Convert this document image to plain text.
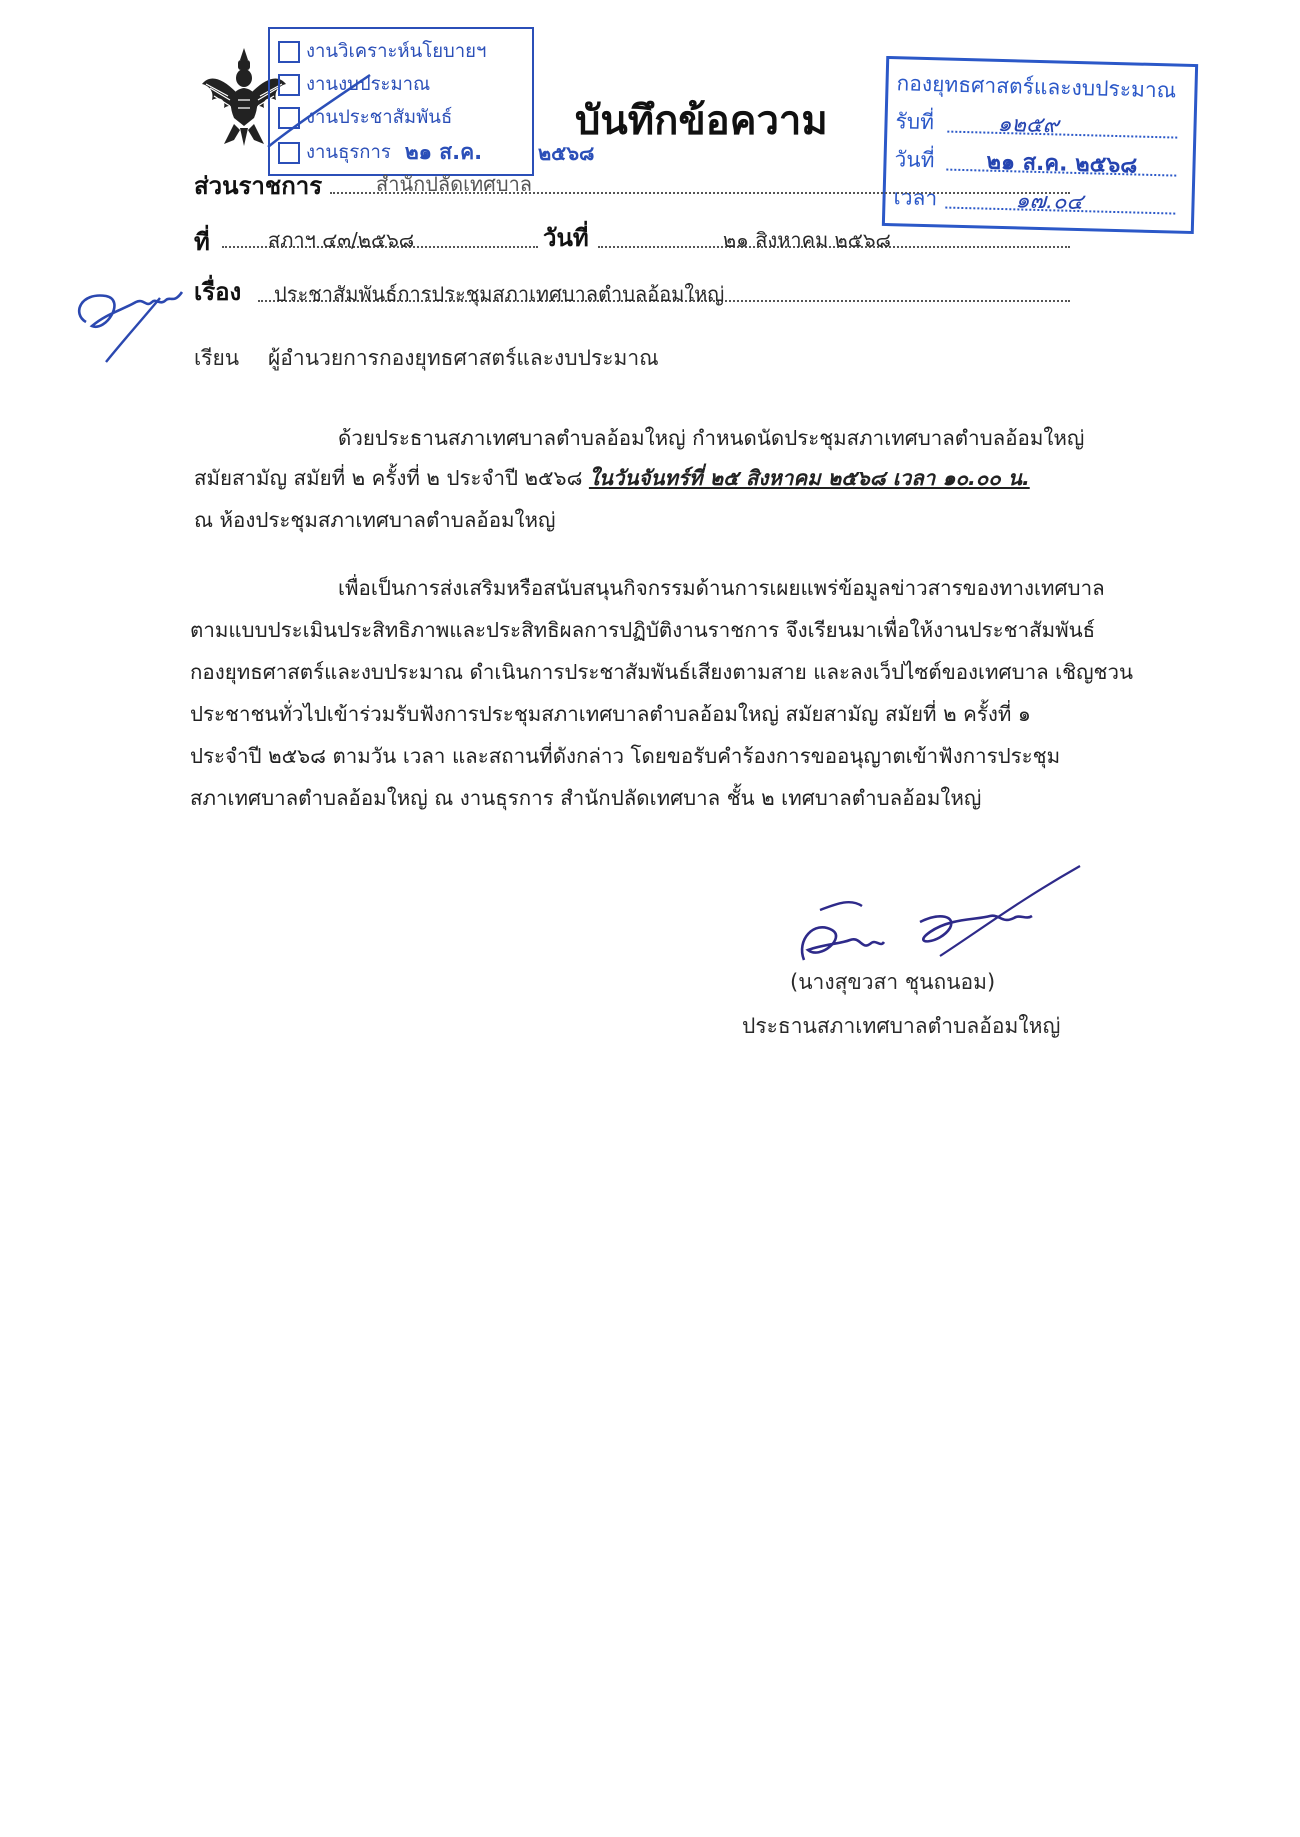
งานวิเคราะห์นโยบายฯ
งานงบประมาณ
งานประชาสัมพันธ์
งานธุรการ ๒๑ ส.ค.	๒๕๖๘
บันทึกข้อความ
กองยุทธศาสตร์และงบประมาณ
รับที่	๑๒๕๙
วันที่ ๒๑ ส.ค. ๒๕๖๘
เวลา	๑๗.๐๔
ส่วนราชการ	สำนักปลัดเทศบาล
ที่	สภาฯ ๔๓/๒๕๖๘	วันที่	๒๑ สิงหาคม ๒๕๖๘
เรื่อง ประชาสัมพันธ์การประชุมสภาเทศบาลตำบลอ้อมใหญ่
เรียน ผู้อำนวยการกองยุทธศาสตร์และงบประมาณ
ด้วยประธานสภาเทศบาลตำบลอ้อมใหญ่ กำหนดนัดประชุมสภาเทศบาลตำบลอ้อมใหญ่
สมัยสามัญ สมัยที่ ๒ ครั้งที่ ๒ ประจำปี ๒๕๖๘ ในวันจันทร์ที่ ๒๕ สิงหาคม ๒๕๖๘ เวลา ๑๐.๐๐ น.
ณ ห้องประชุมสภาเทศบาลตำบลอ้อมใหญ่
เพื่อเป็นการส่งเสริมหรือสนับสนุนกิจกรรมด้านการเผยแพร่ข้อมูลข่าวสารของทางเทศบาล
ตามแบบประเมินประสิทธิภาพและประสิทธิผลการปฏิบัติงานราชการ จึงเรียนมาเพื่อให้งานประชาสัมพันธ์
กองยุทธศาสตร์และงบประมาณ ดำเนินการประชาสัมพันธ์เสียงตามสาย และลงเว็ปไซต์ของเทศบาล เชิญชวน
ประชาชนทั่วไปเข้าร่วมรับฟังการประชุมสภาเทศบาลตำบลอ้อมใหญ่ สมัยสามัญ สมัยที่ ๒ ครั้งที่ ๑
ประจำปี ๒๕๖๘ ตามวัน เวลา และสถานที่ดังกล่าว โดยขอรับคำร้องการขออนุญาตเข้าฟังการประชุม
สภาเทศบาลตำบลอ้อมใหญ่ ณ งานธุรการ สำนักปลัดเทศบาล ชั้น ๒ เทศบาลตำบลอ้อมใหญ่
(นางสุขวสา ชุนถนอม)
ประธานสภาเทศบาลตำบลอ้อมใหญ่
